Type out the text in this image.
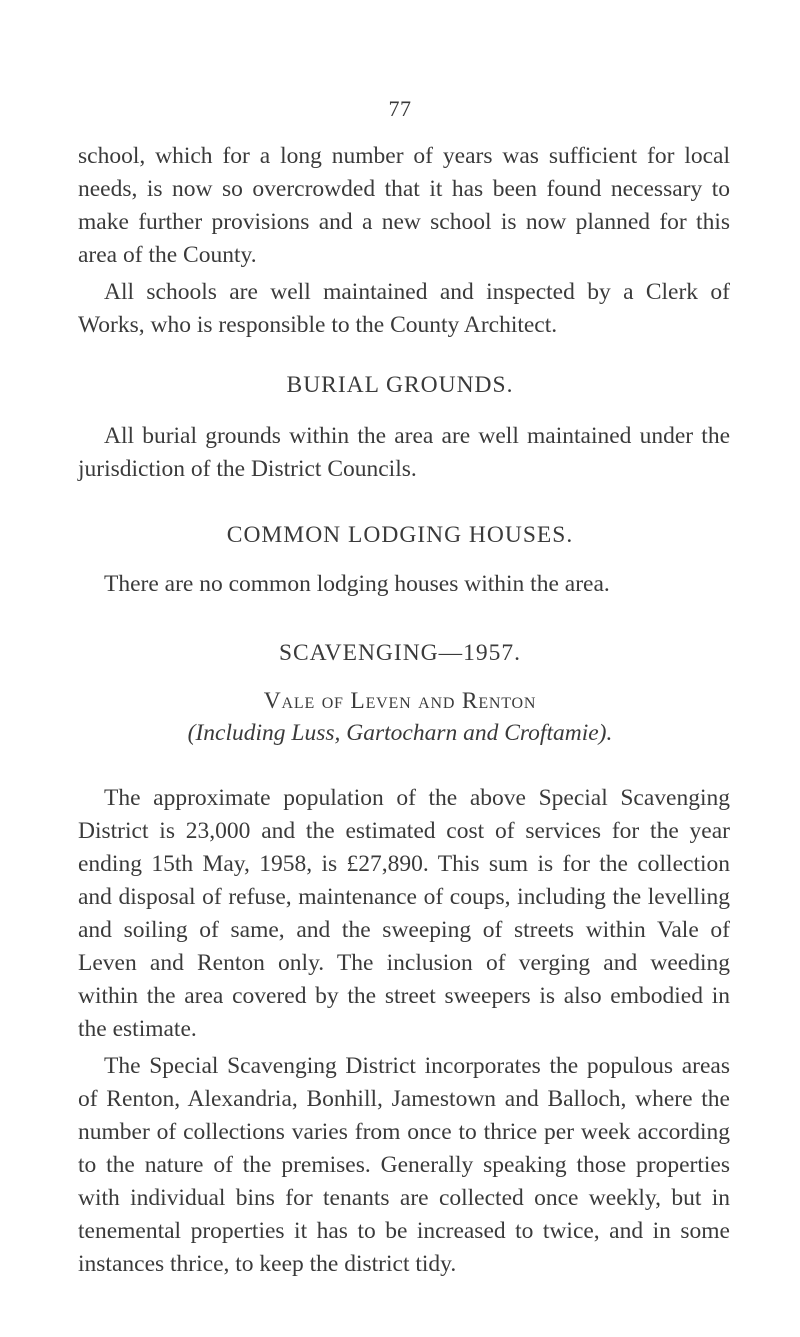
77

school, which for a long number of years was sufficient for local needs, is now so overcrowded that it has been found necessary to make further provisions and a new school is now planned for this area of the County.

All schools are well maintained and inspected by a Clerk of Works, who is responsible to the County Architect.

BURIAL GROUNDS.

All burial grounds within the area are well maintained under the jurisdiction of the District Councils.

COMMON LODGING HOUSES.

There are no common lodging houses within the area.

SCAVENGING—1957.

Vale of Leven and Renton

(Including Luss, Gartocharn and Croftamie).

The approximate population of the above Special Scavenging District is 23,000 and the estimated cost of services for the year ending 15th May, 1958, is £27,890. This sum is for the collection and disposal of refuse, maintenance of coups, including the levelling and soiling of same, and the sweeping of streets within Vale of Leven and Renton only. The inclusion of verging and weeding within the area covered by the street sweepers is also embodied in the estimate.

The Special Scavenging District incorporates the populous areas of Renton, Alexandria, Bonhill, Jamestown and Balloch, where the number of collections varies from once to thrice per week according to the nature of the premises. Generally speaking those properties with individual bins for tenants are collected once weekly, but in tenemental properties it has to be increased to twice, and in some instances thrice, to keep the district tidy.
